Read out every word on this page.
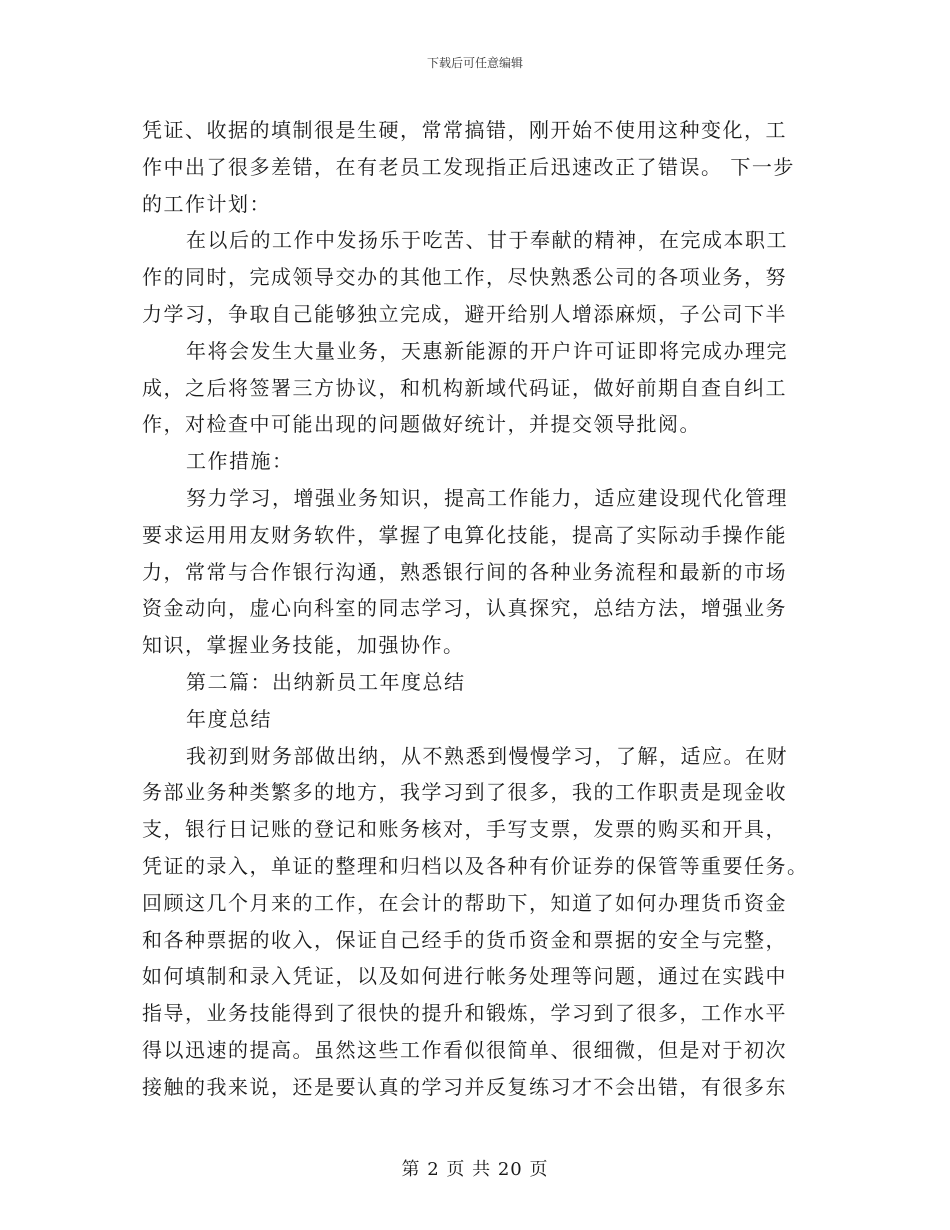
下载后可任意编辑
凭证、收据的填制很是生硬，常常搞错，刚开始不使用这种变化，工
作中出了很多差错，在有老员工发现指正后迅速改正了错误。 下一步
的工作计划：
在以后的工作中发扬乐于吃苦、甘于奉献的精神，在完成本职工
作的同时，完成领导交办的其他工作，尽快熟悉公司的各项业务，努
力学习，争取自己能够独立完成，避开给别人增添麻烦，子公司下半
年将会发生大量业务，天惠新能源的开户许可证即将完成办理完
成，之后将签署三方协议，和机构新域代码证，做好前期自查自纠工
作，对检查中可能出现的问题做好统计，并提交领导批阅。
工作措施：
努力学习，增强业务知识，提高工作能力，适应建设现代化管理
要求运用用友财务软件，掌握了电算化技能，提高了实际动手操作能
力，常常与合作银行沟通，熟悉银行间的各种业务流程和最新的市场
资金动向，虚心向科室的同志学习，认真探究，总结方法，增强业务
知识，掌握业务技能，加强协作。
第二篇：出纳新员工年度总结
年度总结
我初到财务部做出纳，从不熟悉到慢慢学习，了解，适应。在财
务部业务种类繁多的地方，我学习到了很多，我的工作职责是现金收
支，银行日记账的登记和账务核对，手写支票，发票的购买和开具，
凭证的录入，单证的整理和归档以及各种有价证券的保管等重要任务。
回顾这几个月来的工作，在会计的帮助下，知道了如何办理货币资金
和各种票据的收入，保证自己经手的货币资金和票据的安全与完整，
如何填制和录入凭证，以及如何进行帐务处理等问题，通过在实践中
指导，业务技能得到了很快的提升和锻炼，学习到了很多，工作水平
得以迅速的提高。虽然这些工作看似很简单、很细微，但是对于初次
接触的我来说，还是要认真的学习并反复练习才不会出错，有很多东
第 2 页 共 20 页
